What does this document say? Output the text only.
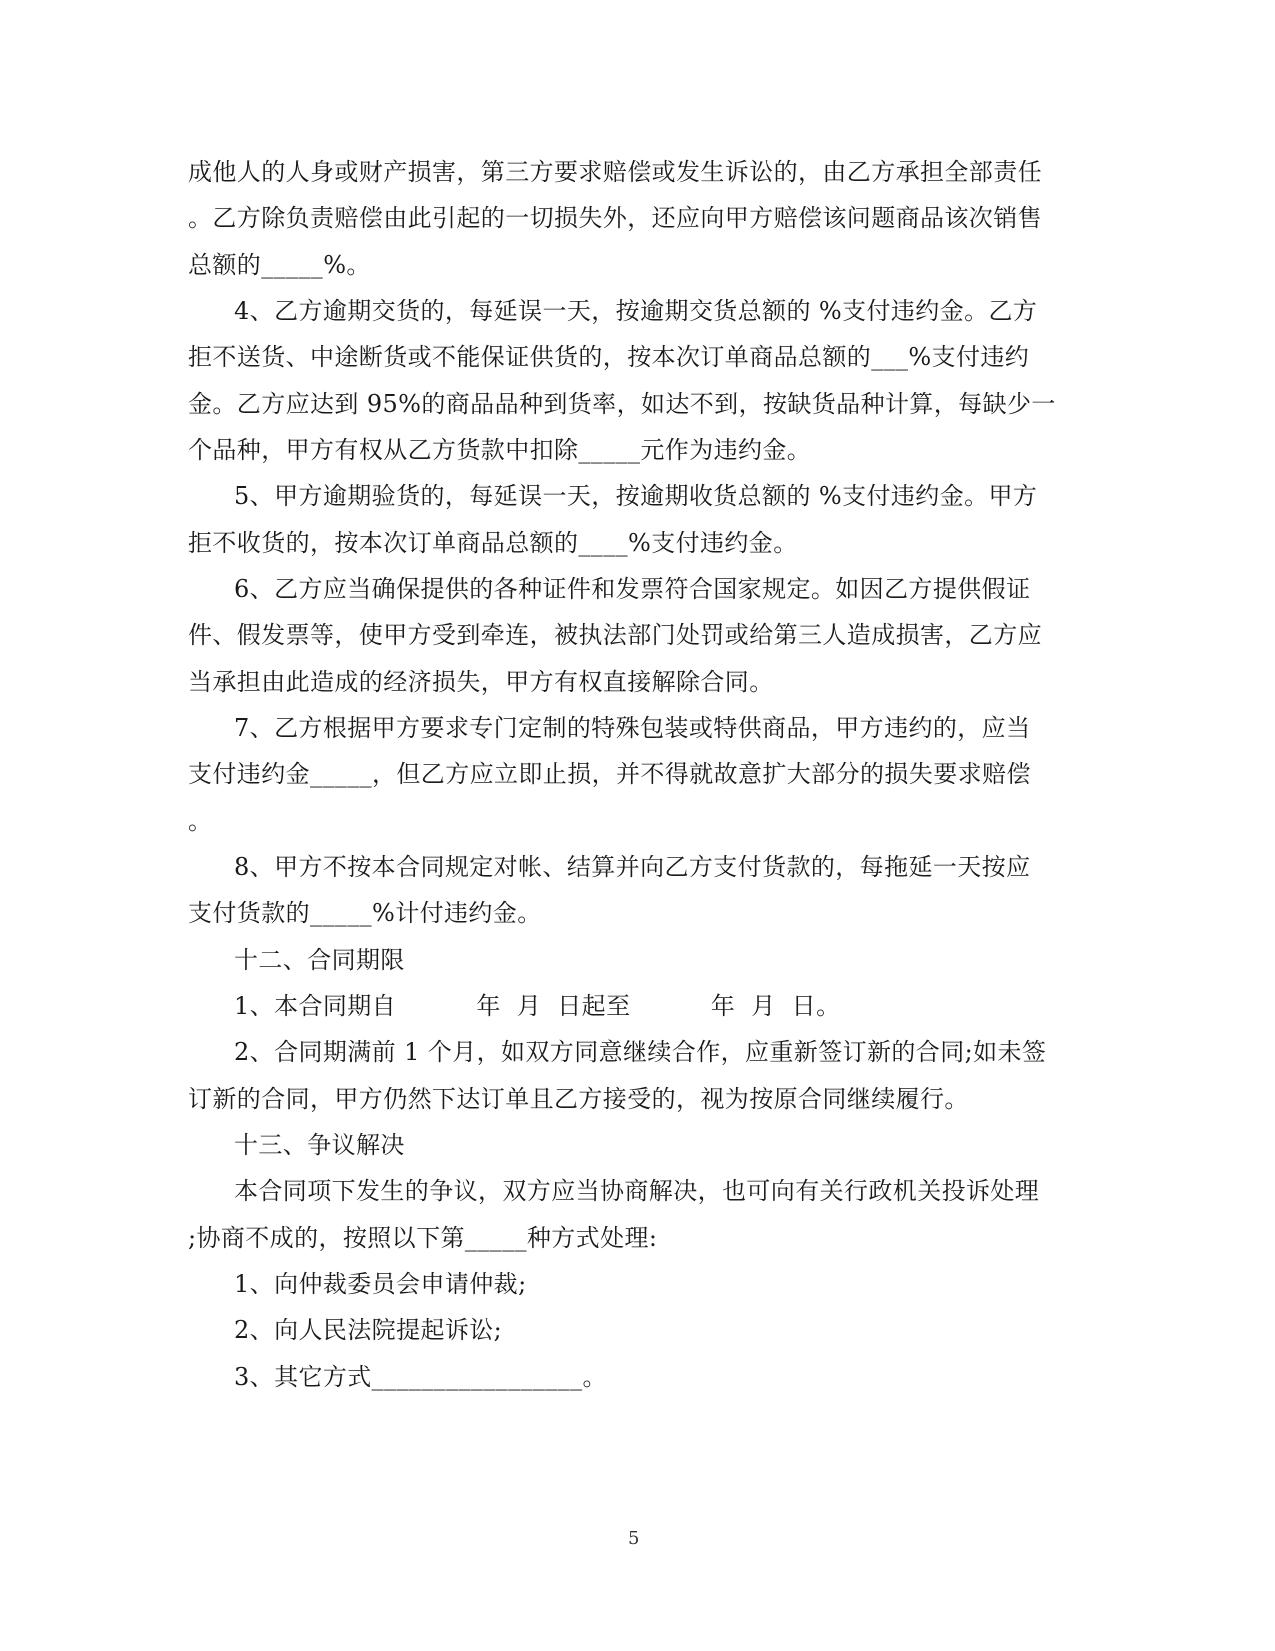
成他人的人身或财产损害，第三方要求赔偿或发生诉讼的，由乙方承担全部责任
。乙方除负责赔偿由此引起的一切损失外，还应向甲方赔偿该问题商品该次销售
总额的_____%。
4、乙方逾期交货的，每延误一天，按逾期交货总额的 %支付违约金。乙方
拒不送货、中途断货或不能保证供货的，按本次订单商品总额的___%支付违约
金。乙方应达到 95%的商品品种到货率，如达不到，按缺货品种计算，每缺少一
个品种，甲方有权从乙方货款中扣除_____元作为违约金。
5、甲方逾期验货的，每延误一天，按逾期收货总额的 %支付违约金。甲方
拒不收货的，按本次订单商品总额的____%支付违约金。
6、乙方应当确保提供的各种证件和发票符合国家规定。如因乙方提供假证
件、假发票等，使甲方受到牵连，被执法部门处罚或给第三人造成损害，乙方应
当承担由此造成的经济损失，甲方有权直接解除合同。
7、乙方根据甲方要求专门定制的特殊包装或特供商品，甲方违约的，应当
支付违约金_____，但乙方应立即止损，并不得就故意扩大部分的损失要求赔偿
。
8、甲方不按本合同规定对帐、结算并向乙方支付货款的，每拖延一天按应
支付货款的_____%计付违约金。
十二、合同期限
1、本合同期自          年  月  日起至          年  月  日。
2、合同期满前 1 个月，如双方同意继续合作，应重新签订新的合同;如未签
订新的合同，甲方仍然下达订单且乙方接受的，视为按原合同继续履行。
十三、争议解决
本合同项下发生的争议，双方应当协商解决，也可向有关行政机关投诉处理
;协商不成的，按照以下第_____种方式处理:
1、向仲裁委员会申请仲裁;
2、向人民法院提起诉讼;
3、其它方式_________________。
5
